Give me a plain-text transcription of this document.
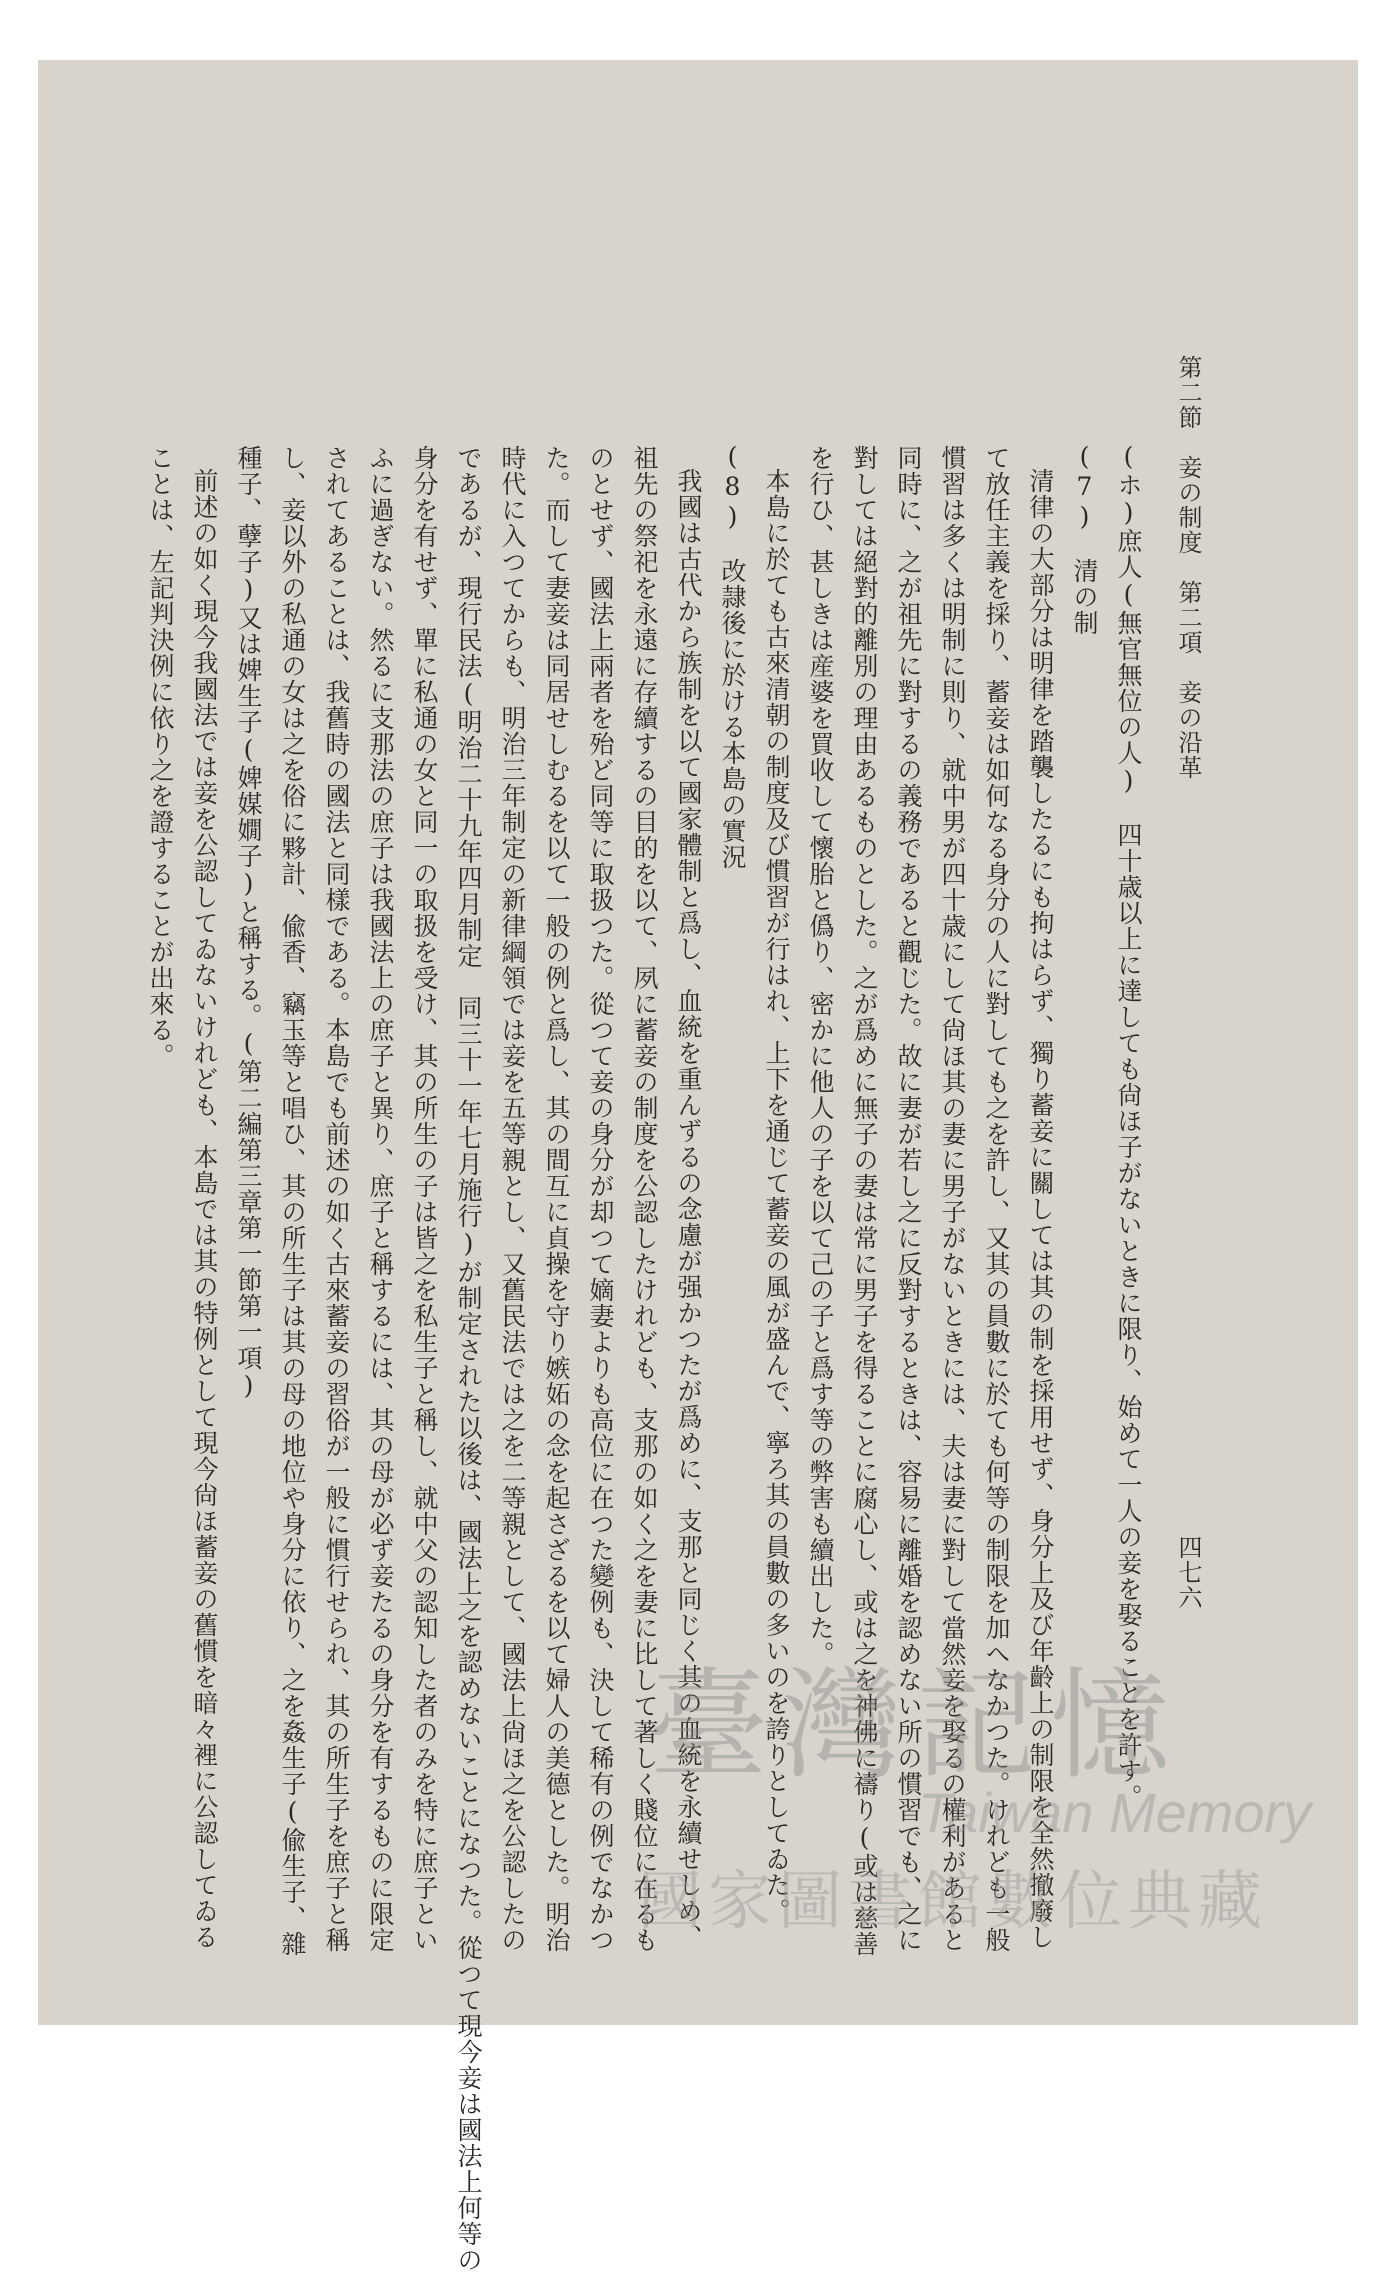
第二節　妾の制度　第二項　妾の沿革
四七六
(ホ)庶人(無官無位の人)　四十歳以上に達しても尙ほ子がないときに限り、始めて一人の妾を娶ることを許す。
(7)　清の制
清律の大部分は明律を踏襲したるにも拘はらず、獨り蓄妾に關しては其の制を採用せず、身分上及び年齡上の制限を全然撤廢し
て放任主義を採り、蓄妾は如何なる身分の人に對しても之を許し、又其の員數に於ても何等の制限を加へなかつた。けれども一般
慣習は多くは明制に則り、就中男が四十歳にして尙ほ其の妻に男子がないときには、夫は妻に對して當然妾を娶るの權利があると
同時に、之が祖先に對するの義務であると觀じた。故に妻が若し之に反對するときは、容易に離婚を認めない所の慣習でも、之に
對しては絕對的離別の理由あるものとした。之が爲めに無子の妻は常に男子を得ることに腐心し、或は之を神佛に禱り(或は慈善
を行ひ、甚しきは産婆を買收して懷胎と僞り、密かに他人の子を以て己の子と爲す等の弊害も續出した。
本島に於ても古來清朝の制度及び慣習が行はれ、上下を通じて蓄妾の風が盛んで、寧ろ其の員數の多いのを誇りとしてゐた。
(8)　改隷後に於ける本島の實況
我國は古代から族制を以て國家體制と爲し、血統を重んずるの念慮が强かつたが爲めに、支那と同じく其の血統を永續せしめ、
祖先の祭祀を永遠に存續するの目的を以て、夙に蓄妾の制度を公認したけれども、支那の如く之を妻に比して著しく賤位に在るも
のとせず、國法上兩者を殆ど同等に取扱つた。從つて妾の身分が却つて嫡妻よりも高位に在つた變例も、決して稀有の例でなかつ
た。而して妻妾は同居せしむるを以て一般の例と爲し、其の間互に貞操を守り嫉妬の念を起さざるを以て婦人の美德とした。明治
時代に入つてからも、明治三年制定の新律綱領では妾を五等親とし、又舊民法では之を二等親として、國法上尙ほ之を公認したの
であるが、現行民法(明治二十九年四月制定　同三十一年七月施行)が制定された以後は、國法上之を認めないことになつた。從つて現今妾は國法上何等の
身分を有せず、單に私通の女と同一の取扱を受け、其の所生の子は皆之を私生子と稱し、就中父の認知した者のみを特に庶子とい
ふに過ぎない。然るに支那法の庶子は我國法上の庶子と異り、庶子と稱するには、其の母が必ず妾たるの身分を有するものに限定
されてあることは、我舊時の國法と同樣である。本島でも前述の如く古來蓄妾の習俗が一般に慣行せられ、其の所生子を庶子と稱
し、妾以外の私通の女は之を俗に夥計、偸香、竊玉等と唱ひ、其の所生子は其の母の地位や身分に依り、之を姦生子(偸生子、雜
種子、孽子)又は婢生子(婢媒嫺子)と稱する。(第二編第三章第一節第一項)
前述の如く現今我國法では妾を公認してゐないけれども、本島では其の特例として現今尙ほ蓄妾の舊慣を暗々裡に公認してゐる
ことは、左記判決例に依り之を證することが出來る。
臺灣記憶
Taiwan Memory
國家圖書館數位典藏
